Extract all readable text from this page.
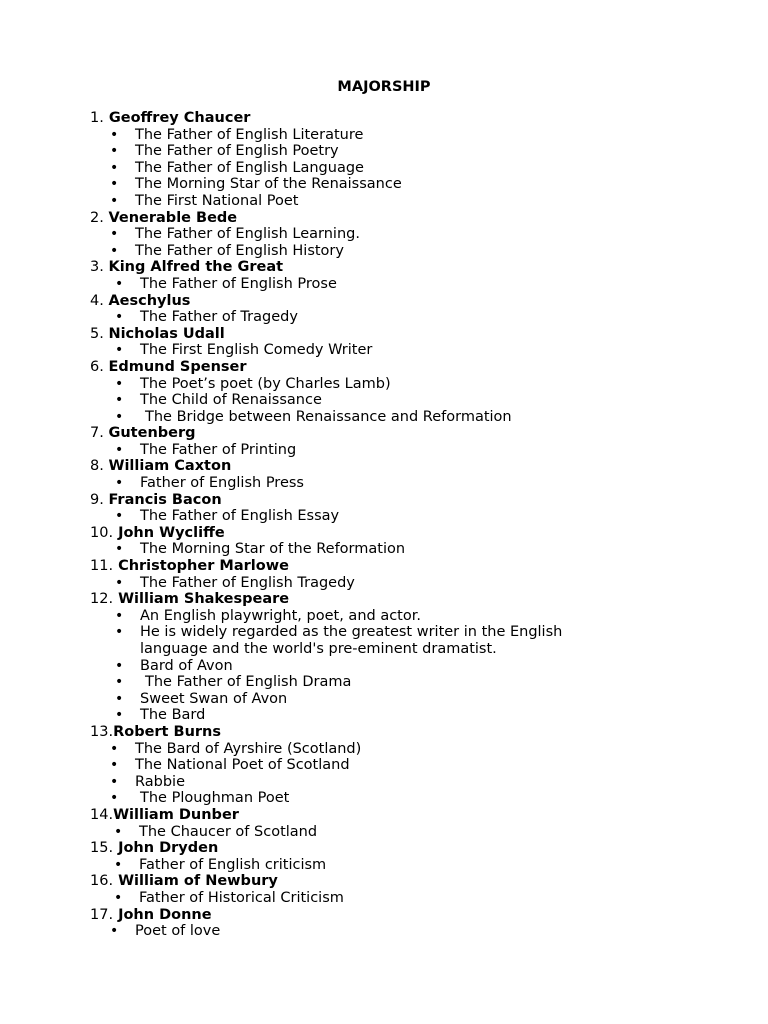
MAJORSHIP
1. Geoffrey Chaucer
• The Father of English Literature
• The Father of English Poetry
• The Father of English Language
• The Morning Star of the Renaissance
• The First National Poet
2. Venerable Bede
• The Father of English Learning.
• The Father of English History
3. King Alfred the Great
• The Father of English Prose
4. Aeschylus
• The Father of Tragedy
5. Nicholas Udall
• The First English Comedy Writer
6. Edmund Spenser
• The Poet’s poet (by Charles Lamb)
• The Child of Renaissance
• The Bridge between Renaissance and Reformation
7. Gutenberg
• The Father of Printing
8. William Caxton
• Father of English Press
9. Francis Bacon
• The Father of English Essay
10. John Wycliffe
• The Morning Star of the Reformation
11. Christopher Marlowe
• The Father of English Tragedy
12. William Shakespeare
• An English playwright, poet, and actor.
• He is widely regarded as the greatest writer in the English language and the world's pre-eminent dramatist.
• Bard of Avon
• The Father of English Drama
• Sweet Swan of Avon
• The Bard
13.Robert Burns
• The Bard of Ayrshire (Scotland)
• The National Poet of Scotland
• Rabbie
• The Ploughman Poet
14.William Dunber
• The Chaucer of Scotland
15. John Dryden
• Father of English criticism
16. William of Newbury
• Father of Historical Criticism
17. John Donne
• Poet of love
